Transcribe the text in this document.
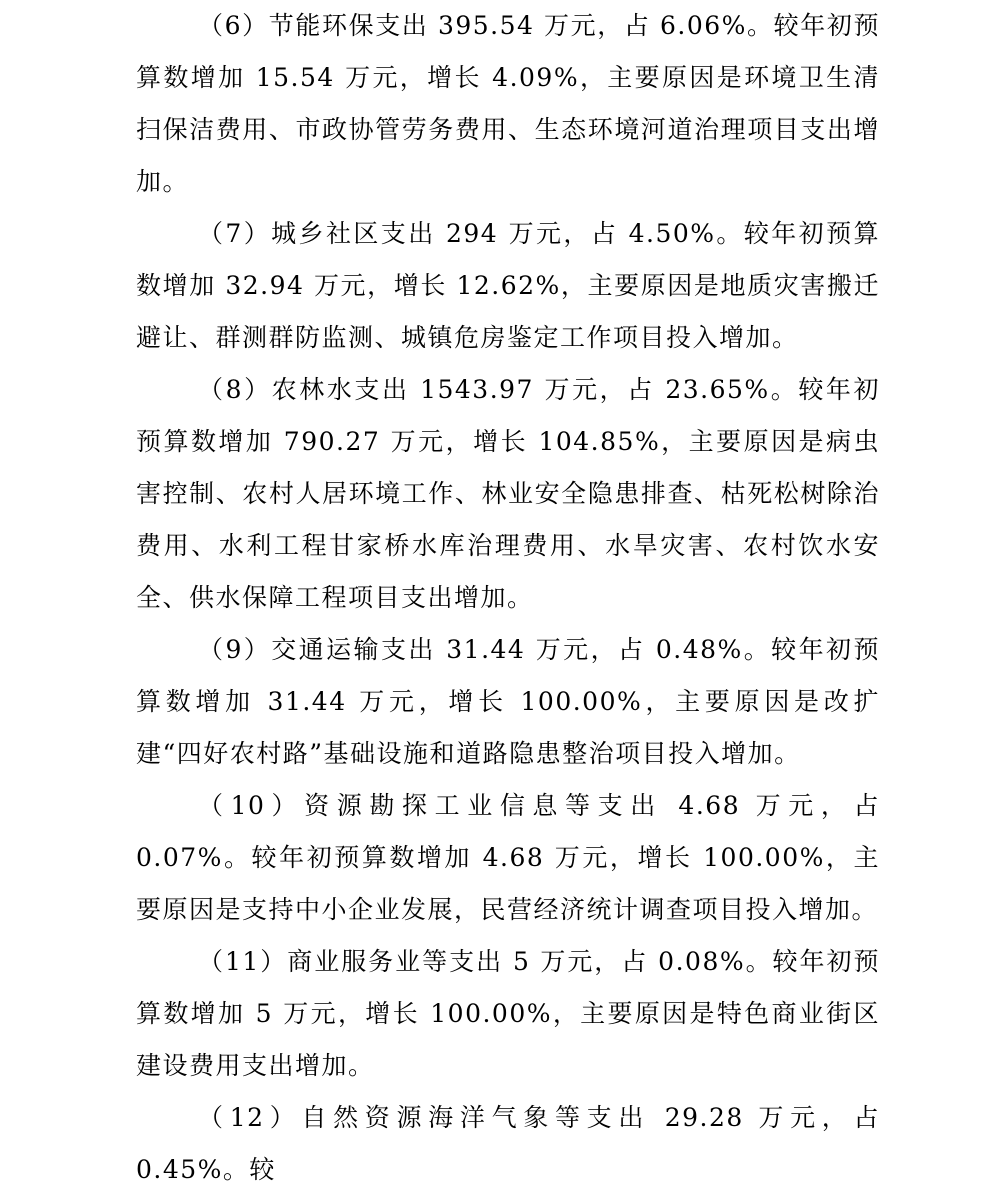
（6）节能环保支出 395.54 万元，占 6.06%。较年初预算数增加 15.54 万元，增长 4.09%，主要原因是环境卫生清扫保洁费用、市政协管劳务费用、生态环境河道治理项目支出增加。

（7）城乡社区支出 294 万元，占 4.50%。较年初预算数增加 32.94 万元，增长 12.62%，主要原因是地质灾害搬迁避让、群测群防监测、城镇危房鉴定工作项目投入增加。

（8）农林水支出 1543.97 万元，占 23.65%。较年初预算数增加 790.27 万元，增长 104.85%，主要原因是病虫害控制、农村人居环境工作、林业安全隐患排查、枯死松树除治费用、水利工程甘家桥水库治理费用、水旱灾害、农村饮水安全、供水保障工程项目支出增加。

（9）交通运输支出 31.44 万元，占 0.48%。较年初预算数增加 31.44 万元，增长 100.00%，主要原因是改扩建“四好农村路”基础设施和道路隐患整治项目投入增加。

（10）资源勘探工业信息等支出 4.68 万元，占 0.07%。较年初预算数增加 4.68 万元，增长 100.00%，主要原因是支持中小企业发展，民营经济统计调查项目投入增加。

（11）商业服务业等支出 5 万元，占 0.08%。较年初预算数增加 5 万元，增长 100.00%，主要原因是特色商业街区建设费用支出增加。

（12）自然资源海洋气象等支出 29.28 万元，占 0.45%。较
